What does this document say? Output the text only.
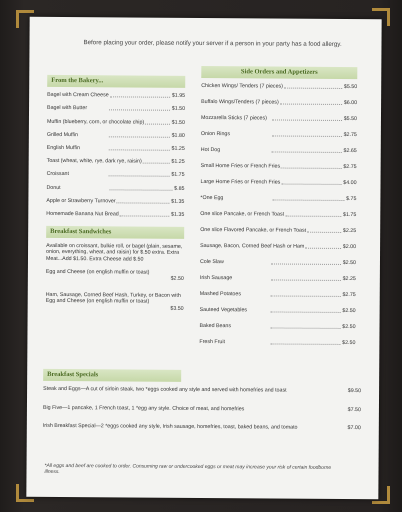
Before placing your order, please notify your server if a person in your party has a food allergy.
From the Bakery...
Bagel with Cream Cheese	$1.95
Bagel with Butter	$1.50
Muffin (blueberry, corn, or chocolate chip)	$1.50
Grilled Muffin	$1.80
English Muffin	$1.25
Toast (wheat, white, rye, dark rye, raisin)	$1.25
Croissant	$1.75
Donut	$.85
Apple or Strawberry Turnover	$1.35
Homemade Banana Nut Bread	$1.35
Breakfast Sandwiches
Available on croissant, bulkie roll, or bagel (plain, sesame, onion, everything, wheat, and raisin) for $.50 extra. Extra Meat...Add $1.50. Extra Cheese add $.50
Egg and Cheese (on english muffin or toast)
$2.50
Ham, Sausage, Corned Beef Hash, Turkey, or Bacon with Egg and Cheese (on english muffin or toast)
$3.50
Side Orders and Appetizers
Chicken Wings/ Tenders (7 pieces)	$5.50
Buffalo Wings/Tenders (7 pieces)	$6.00
Mozzarella Sticks (7 pieces)	$5.50
Onion Rings	$2.75
Hot Dog	$2.65
Small Home Fries or French Fries	$2.75
Large Home Fries or French Fries	$4.00
*One Egg	$.75
One slice Pancake, or French Toast	$1.75
One slice Flavored Pancake, or French Toast	$2.25
Sausage, Bacon, Corned Beef Hash or Ham	$2.00
Cole Slaw	$2.50
Irish Sausage	$2.25
Mashed Potatoes	$2.75
Sauteed Vegetables	$2.50
Baked Beans	$2.50
Fresh Fruit	$2.50
Breakfast Specials
Steak and Eggs—A cut of sirloin steak, two *eggs cooked any style and served with homefries and toast	$9.50
Big Five—1 pancake, 1 French toast, 1 *egg any style. Choice of meat, and homefries	$7.50
Irish Breakfast Special—2 *eggs cooked any style, Irish sausage, homefries, toast, baked beans, and tomato	$7.00
*All eggs and beef are cooked to order. Consuming raw or undercooked eggs or meat may increase your risk of certain foodborne illness.
